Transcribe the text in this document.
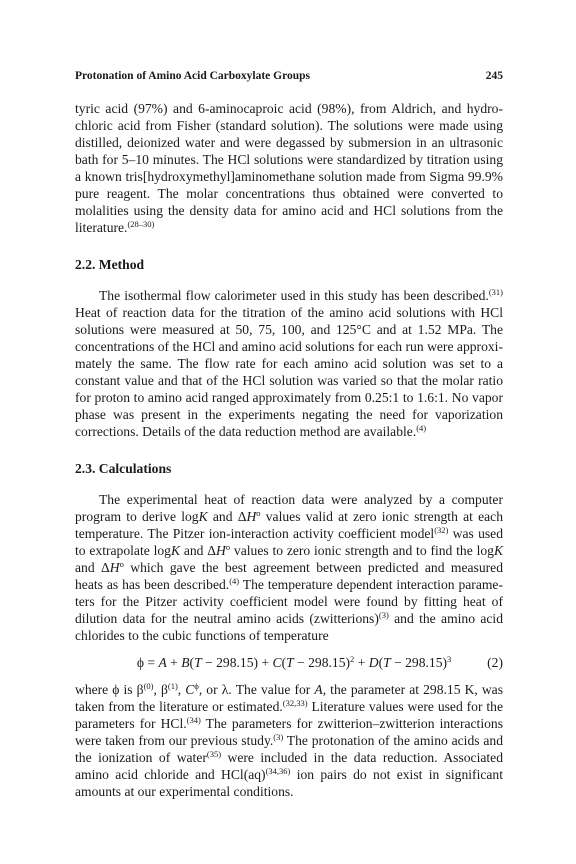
Protonation of Amino Acid Carboxylate Groups	245

tyric acid (97%) and 6-aminocaproic acid (98%), from Aldrich, and hydrochloric acid from Fisher (standard solution). The solutions were made using distilled, deionized water and were degassed by submersion in an ultrasonic bath for 5–10 minutes. The HCl solutions were standardized by titration using a known tris[hydroxymethyl]aminomethane solution made from Sigma 99.9% pure reagent. The molar concentrations thus obtained were converted to molalities using the density data for amino acid and HCl solutions from the literature.$^{(28-30)}$

2.2. Method

The isothermal flow calorimeter used in this study has been described.$^{(31)}$ Heat of reaction data for the titration of the amino acid solutions with HCl solutions were measured at 50, 75, 100, and 125°C and at 1.52 MPa. The concentrations of the HCl and amino acid solutions for each run were approximately the same. The flow rate for each amino acid solution was set to a constant value and that of the HCl solution was varied so that the molar ratio for proton to amino acid ranged approximately from 0.25:1 to 1.6:1. No vapor phase was present in the experiments negating the need for vaporization corrections. Details of the data reduction method are available.$^{(4)}$

2.3. Calculations

The experimental heat of reaction data were analyzed by a computer program to derive logK and $\Delta H^o$ values valid at zero ionic strength at each temperature. The Pitzer ion-interaction activity coefficient model$^{(32)}$ was used to extrapolate logK and $\Delta H^o$ values to zero ionic strength and to find the logK and $\Delta H^o$ which gave the best agreement between predicted and measured heats as has been described.$^{(4)}$ The temperature dependent interaction parameters for the Pitzer activity coefficient model were found by fitting heat of dilution data for the neutral amino acids (zwitterions)$^{(3)}$ and the amino acid chlorides to the cubic functions of temperature

$\phi = A + B(T - 298.15) + C(T - 298.15)^2 + D(T - 298.15)^3$	(2)

where ϕ is $\beta^{(0)}$, $\beta^{(1)}$, $C^\phi$, or λ. The value for A, the parameter at 298.15 K, was taken from the literature or estimated.$^{(32,33)}$ Literature values were used for the parameters for HCl.$^{(34)}$ The parameters for zwitterion–zwitterion interactions were taken from our previous study.$^{(3)}$ The protonation of the amino acids and the ionization of water$^{(35)}$ were included in the data reduction. Associated amino acid chloride and HCl(aq)$^{(34,36)}$ ion pairs do not exist in significant amounts at our experimental conditions.
